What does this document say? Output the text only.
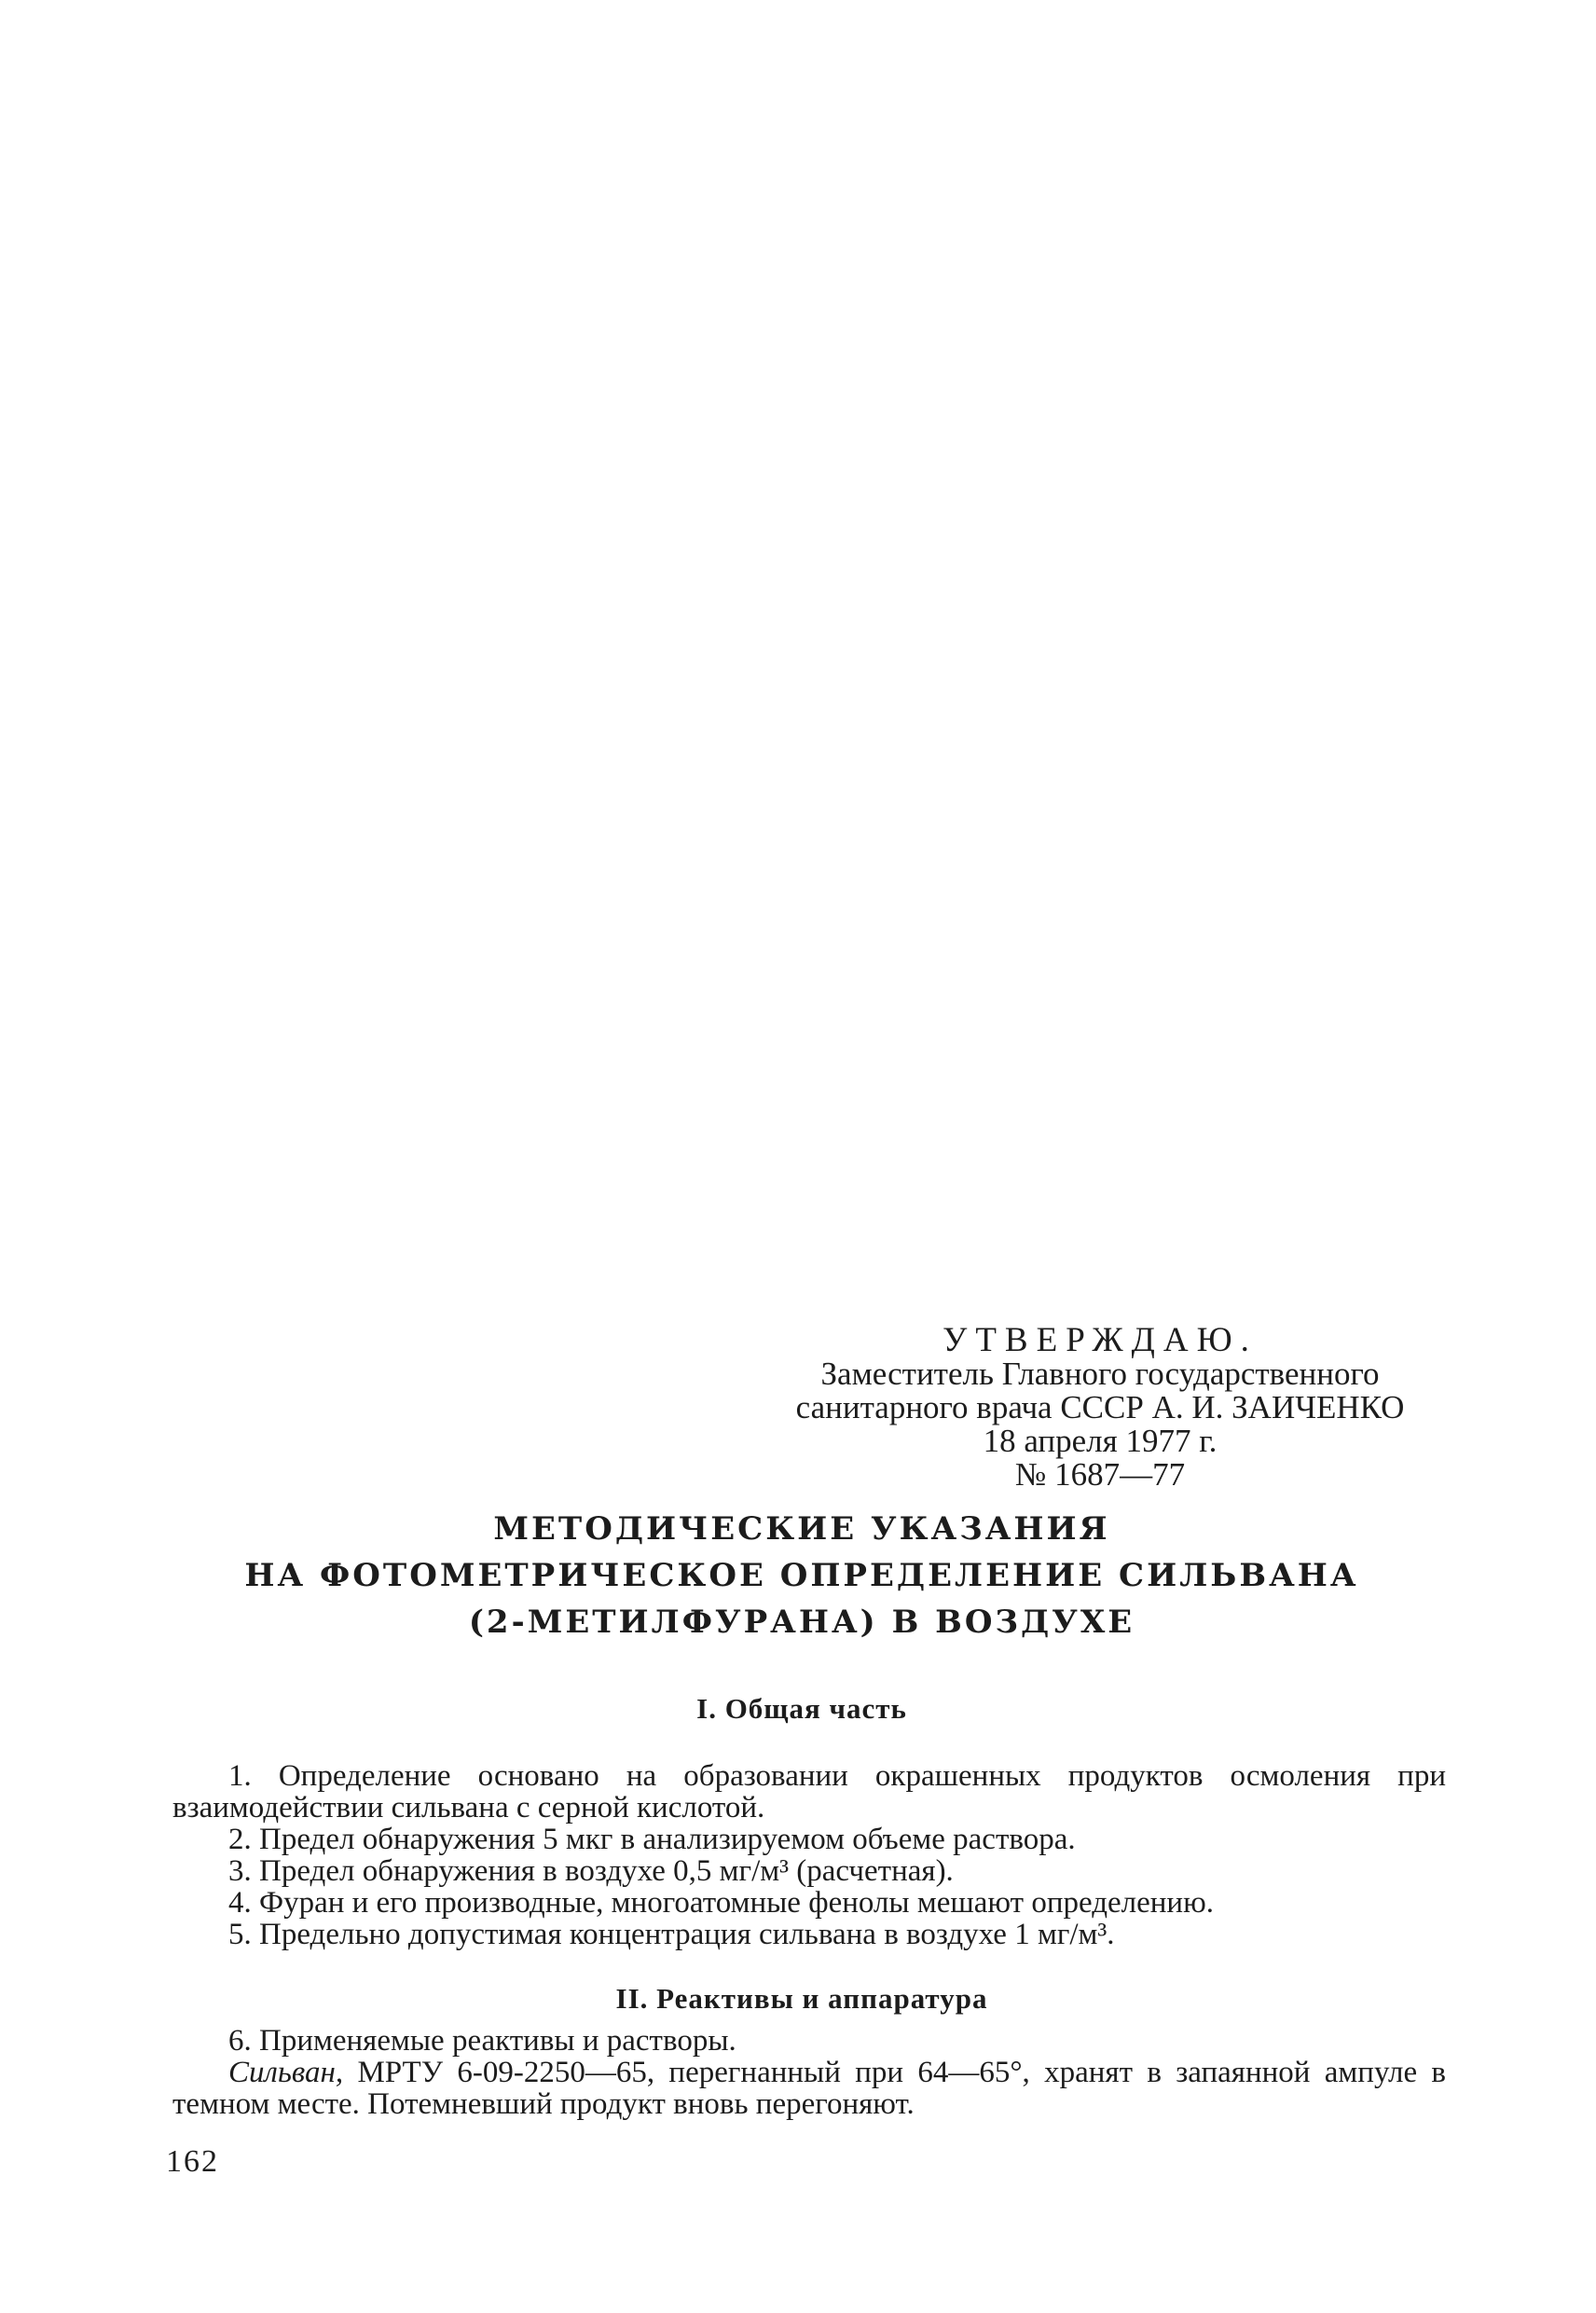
УТВЕРЖДАЮ.
Заместитель Главного государственного
санитарного врача СССР А. И. ЗАИЧЕНКО
18 апреля 1977 г.
№ 1687—77
МЕТОДИЧЕСКИЕ УКАЗАНИЯ
НА ФОТОМЕТРИЧЕСКОЕ ОПРЕДЕЛЕНИЕ СИЛЬВАНА
(2-МЕТИЛФУРАНА) В ВОЗДУХЕ
I. Общая часть

1. Определение основано на образовании окрашенных продуктов осмоления при взаимодействии сильвана с серной кислотой.

2. Предел обнаружения 5 мкг в анализируемом объеме раствора.

3. Предел обнаружения в воздухе 0,5 мг/м³ (расчетная).

4. Фуран и его производные, многоатомные фенолы мешают определению.

5. Предельно допустимая концентрация сильвана в воздухе 1 мг/м³.

II. Реактивы и аппаратура

6. Применяемые реактивы и растворы.

Сильван, МРТУ 6-09-2250—65, перегнанный при 64—65°, хранят в запаянной ампуле в темном месте. Потемневший продукт вновь перегоняют.

162
